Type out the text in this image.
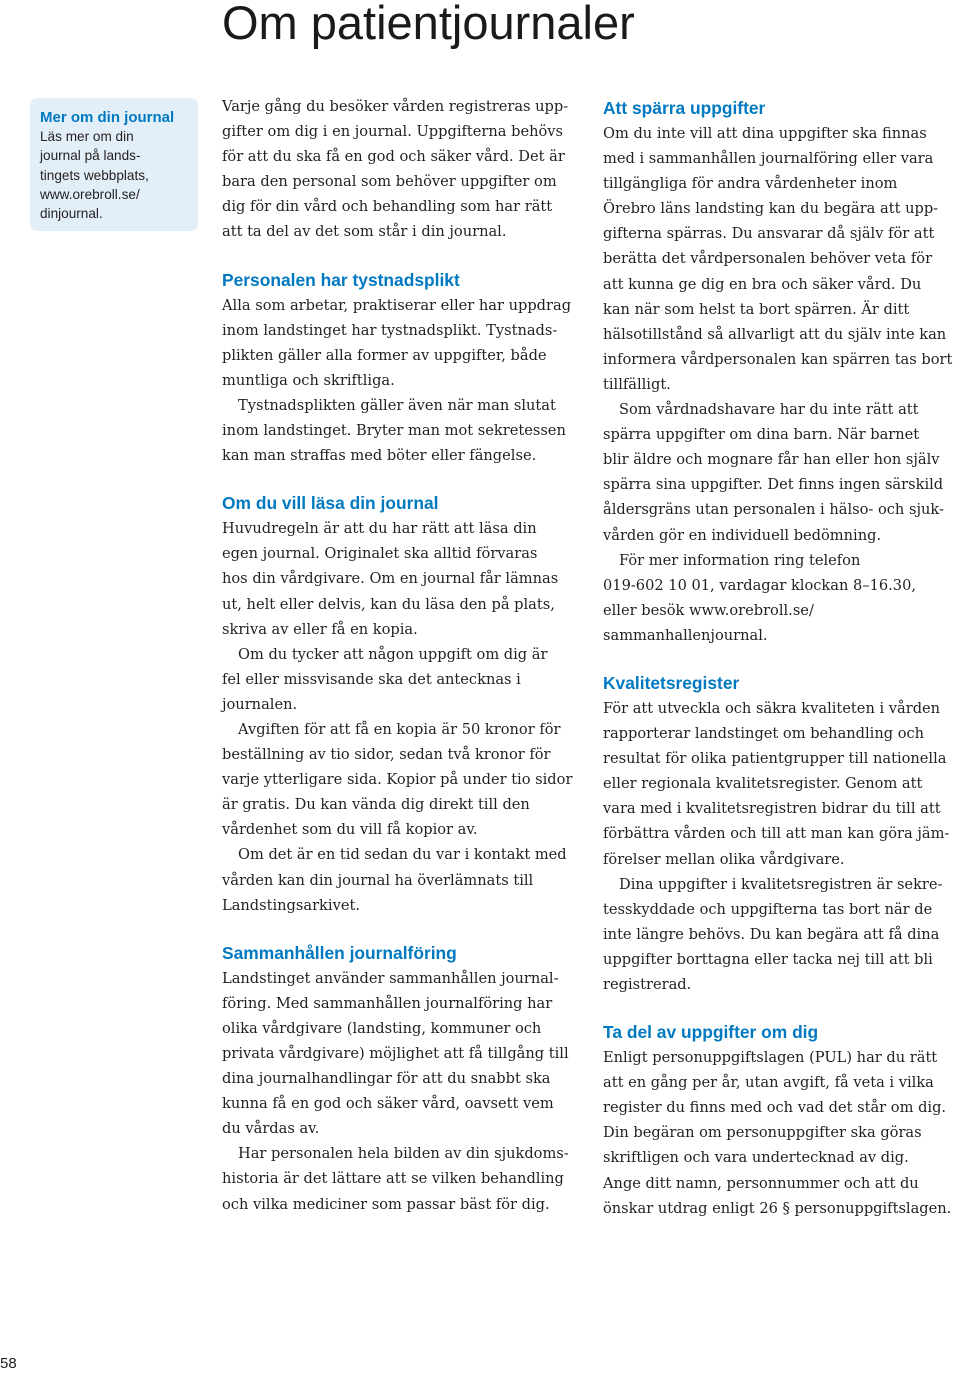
Om patientjournaler
Mer om din journal
Läs mer om din
journal på lands-
tingets webbplats,
www.orebroll.se/
dinjournal.
Varje gång du besöker vården registreras upp-
gifter om dig i en journal. Uppgifterna behövs
för att du ska få en god och säker vård. Det är
bara den personal som behöver uppgifter om
dig för din vård och behandling som har rätt
att ta del av det som står i din journal.
Personalen har tystnadsplikt
Alla som arbetar, praktiserar eller har uppdrag
inom landstinget har tystnadsplikt. Tystnads-
plikten gäller alla former av uppgifter, både
muntliga och skriftliga.
Tystnadsplikten gäller även när man slutat
inom landstinget. Bryter man mot sekretessen
kan man straffas med böter eller fängelse.
Om du vill läsa din journal
Huvudregeln är att du har rätt att läsa din
egen journal. Originalet ska alltid förvaras
hos din vårdgivare. Om en journal får lämnas
ut, helt eller delvis, kan du läsa den på plats,
skriva av eller få en kopia.
Om du tycker att någon uppgift om dig är
fel eller missvisande ska det antecknas i
journalen.
Avgiften för att få en kopia är 50 kronor för
beställning av tio sidor, sedan två kronor för
varje ytterligare sida. Kopior på under tio sidor
är gratis. Du kan vända dig direkt till den
vårdenhet som du vill få kopior av.
Om det är en tid sedan du var i kontakt med
vården kan din journal ha överlämnats till
Landstingsarkivet.
Sammanhållen journalföring
Landstinget använder sammanhållen journal-
föring. Med sammanhållen journalföring har
olika vårdgivare (landsting, kommuner och
privata vårdgivare) möjlighet att få tillgång till
dina journalhandlingar för att du snabbt ska
kunna få en god och säker vård, oavsett vem
du vårdas av.
Har personalen hela bilden av din sjukdoms-
historia är det lättare att se vilken behandling
och vilka mediciner som passar bäst för dig.
Att spärra uppgifter
Om du inte vill att dina uppgifter ska finnas
med i sammanhållen journalföring eller vara
tillgängliga för andra vårdenheter inom
Örebro läns landsting kan du begära att upp-
gifterna spärras. Du ansvarar då själv för att
berätta det vårdpersonalen behöver veta för
att kunna ge dig en bra och säker vård. Du
kan när som helst ta bort spärren. Är ditt
hälsotillstånd så allvarligt att du själv inte kan
informera vårdpersonalen kan spärren tas bort
tillfälligt.
Som vårdnadshavare har du inte rätt att
spärra uppgifter om dina barn. När barnet
blir äldre och mognare får han eller hon själv
spärra sina uppgifter. Det finns ingen särskild
åldersgräns utan personalen i hälso- och sjuk-
vården gör en individuell bedömning.
För mer information ring telefon
019-602 10 01, vardagar klockan 8–16.30,
eller besök www.orebroll.se/
sammanhallenjournal.
Kvalitetsregister
För att utveckla och säkra kvaliteten i vården
rapporterar landstinget om behandling och
resultat för olika patientgrupper till nationella
eller regionala kvalitetsregister. Genom att
vara med i kvalitetsregistren bidrar du till att
förbättra vården och till att man kan göra jäm-
förelser mellan olika vårdgivare.
Dina uppgifter i kvalitetsregistren är sekre-
tesskyddade och uppgifterna tas bort när de
inte längre behövs. Du kan begära att få dina
uppgifter borttagna eller tacka nej till att bli
registrerad.
Ta del av uppgifter om dig
Enligt personuppgiftslagen (PUL) har du rätt
att en gång per år, utan avgift, få veta i vilka
register du finns med och vad det står om dig.
Din begäran om personuppgifter ska göras
skriftligen och vara undertecknad av dig.
Ange ditt namn, personnummer och att du
önskar utdrag enligt 26 § personuppgiftslagen.
58
